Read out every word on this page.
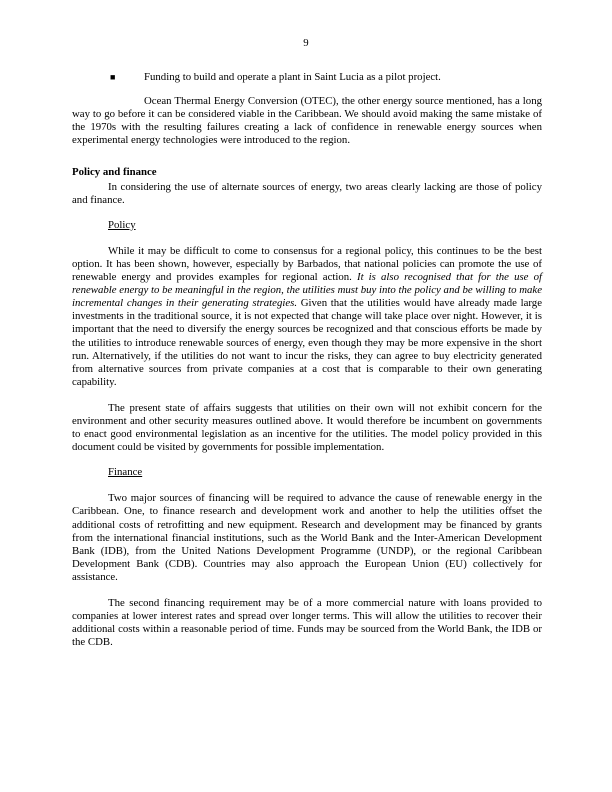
9

■	Funding to build and operate a plant in Saint Lucia as a pilot project.

Ocean Thermal Energy Conversion (OTEC), the other energy source mentioned, has a long way to go before it can be considered viable in the Caribbean. We should avoid making the same mistake of the 1970s with the resulting failures creating a lack of confidence in renewable energy sources when experimental energy technologies were introduced to the region.

Policy and finance

In considering the use of alternate sources of energy, two areas clearly lacking are those of policy and finance.

Policy

While it may be difficult to come to consensus for a regional policy, this continues to be the best option. It has been shown, however, especially by Barbados, that national policies can promote the use of renewable energy and provides examples for regional action. It is also recognised that for the use of renewable energy to be meaningful in the region, the utilities must buy into the policy and be willing to make incremental changes in their generating strategies. Given that the utilities would have already made large investments in the traditional source, it is not expected that change will take place over night. However, it is important that the need to diversify the energy sources be recognized and that conscious efforts be made by the utilities to introduce renewable sources of energy, even though they may be more expensive in the short run. Alternatively, if the utilities do not want to incur the risks, they can agree to buy electricity generated from alternative sources from private companies at a cost that is comparable to their own generating capability.

The present state of affairs suggests that utilities on their own will not exhibit concern for the environment and other security measures outlined above. It would therefore be incumbent on governments to enact good environmental legislation as an incentive for the utilities. The model policy provided in this document could be visited by governments for possible implementation.

Finance

Two major sources of financing will be required to advance the cause of renewable energy in the Caribbean. One, to finance research and development work and another to help the utilities offset the additional costs of retrofitting and new equipment. Research and development may be financed by grants from the international financial institutions, such as the World Bank and the Inter-American Development Bank (IDB), from the United Nations Development Programme (UNDP), or the regional Caribbean Development Bank (CDB). Countries may also approach the European Union (EU) collectively for assistance.

The second financing requirement may be of a more commercial nature with loans provided to companies at lower interest rates and spread over longer terms. This will allow the utilities to recover their additional costs within a reasonable period of time. Funds may be sourced from the World Bank, the IDB or the CDB.
